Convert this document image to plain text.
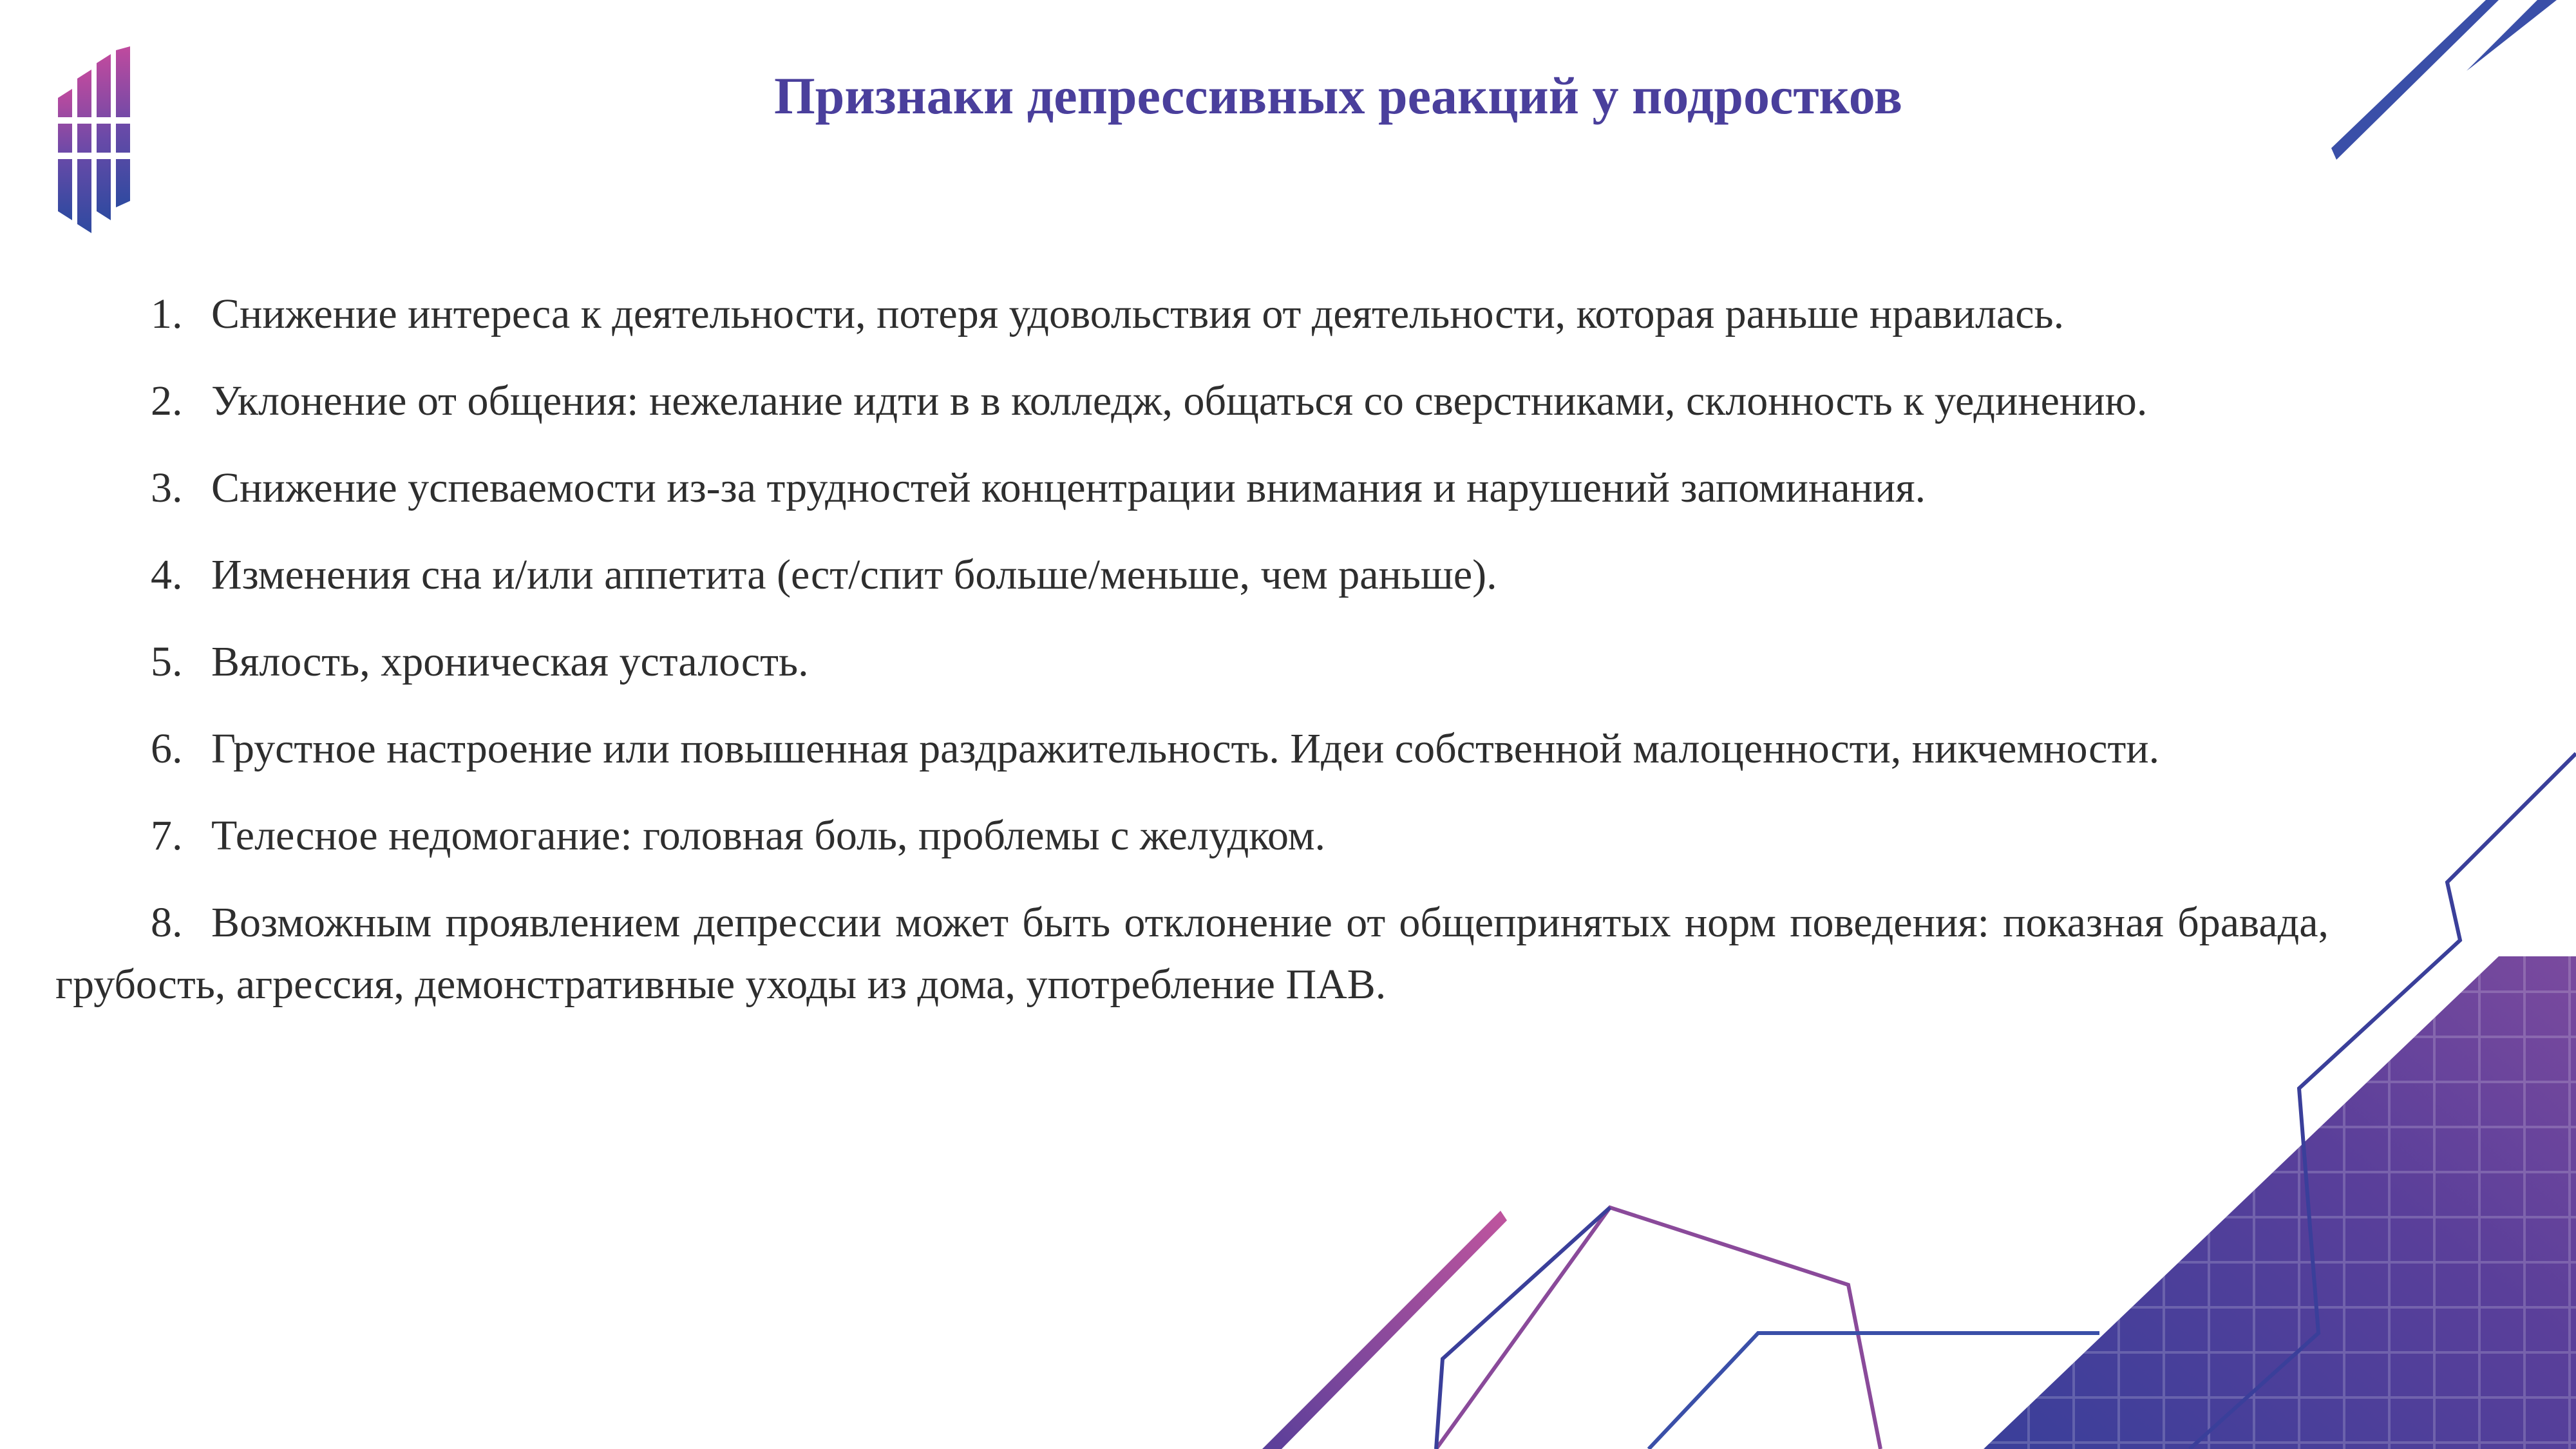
Признаки депрессивных реакций у подростков
1. Снижение интереса к деятельности, потеря удовольствия от деятельности, которая раньше нравилась.
2. Уклонение от общения: нежелание идти в в колледж, общаться со сверстниками, склонность к уединению.
3. Снижение успеваемости из-за трудностей концентрации внимания и нарушений запоминания.
4. Изменения сна и/или аппетита (ест/спит больше/меньше, чем раньше).
5. Вялость, хроническая усталость.
6. Грустное настроение или повышенная раздражительность. Идеи собственной малоценности, никчемности.
7. Телесное недомогание: головная боль, проблемы с желудком.
8. Возможным проявлением депрессии может быть отклонение от общепринятых норм поведения: показная бравада, грубость, агрессия, демонстративные уходы из дома, употребление ПАВ.
